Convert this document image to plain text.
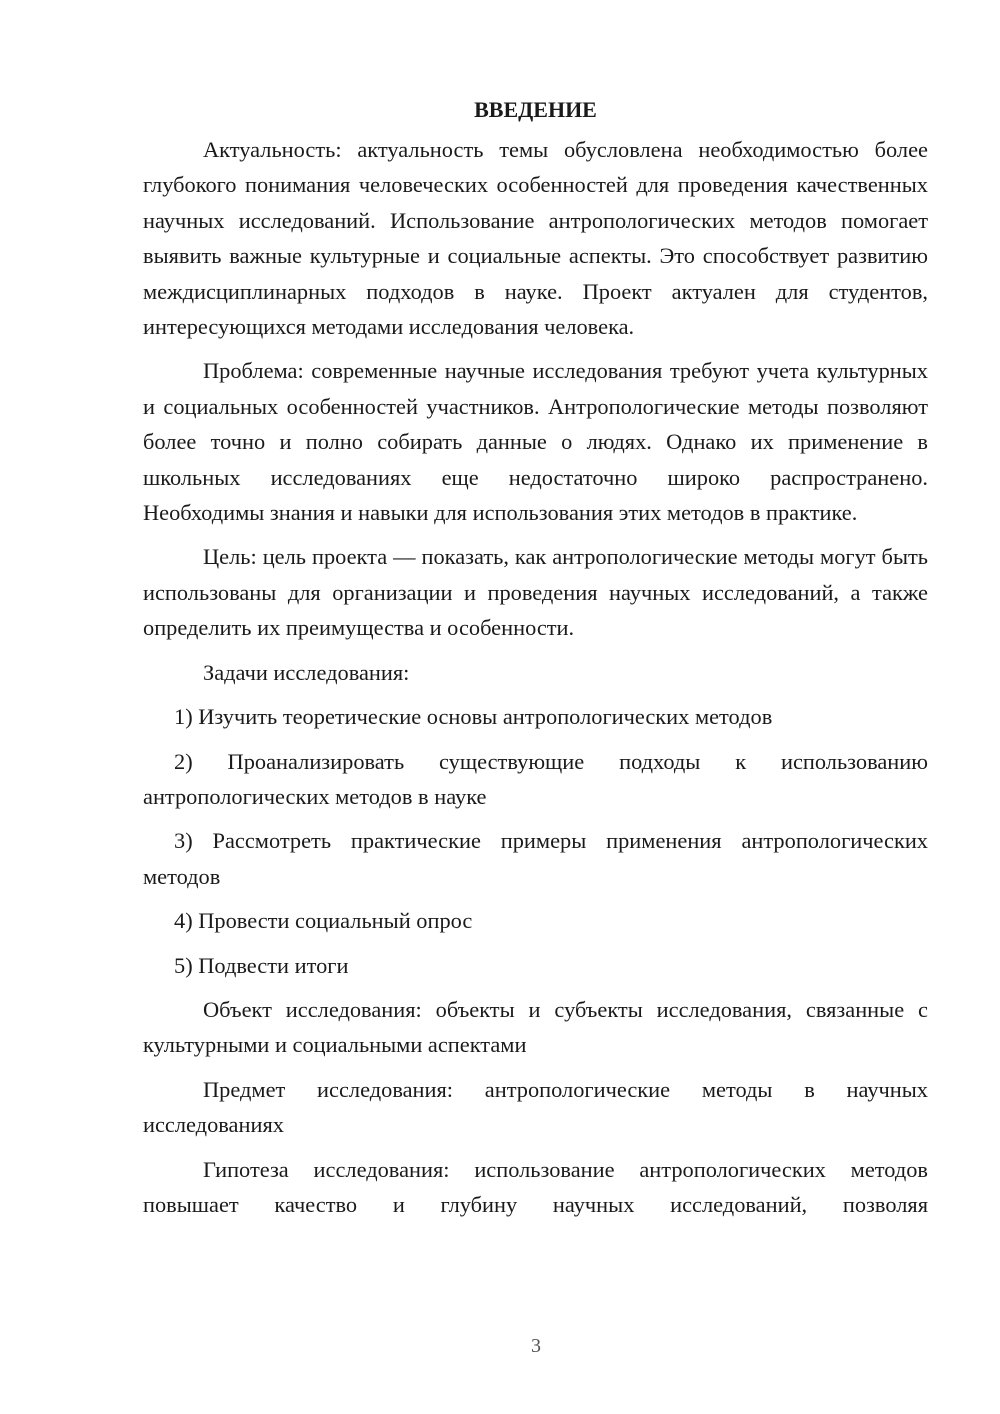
ВВЕДЕНИЕ

Актуальность: актуальность темы обусловлена необходимостью более глубокого понимания человеческих особенностей для проведения качественных научных исследований. Использование антропологических методов помогает выявить важные культурные и социальные аспекты. Это способствует развитию междисциплинарных подходов в науке. Проект актуален для студентов, интересующихся методами исследования человека.

Проблема: современные научные исследования требуют учета культурных и социальных особенностей участников. Антропологические методы позволяют более точно и полно собирать данные о людях. Однако их применение в школьных исследованиях еще недостаточно широко распространено. Необходимы знания и навыки для использования этих методов в практике.

Цель: цель проекта — показать, как антропологические методы могут быть использованы для организации и проведения научных исследований, а также определить их преимущества и особенности.

Задачи исследования:

1) Изучить теоретические основы антропологических методов

2) Проанализировать существующие подходы к использованию антропологических методов в науке

3) Рассмотреть практические примеры применения антропологических методов

4) Провести социальный опрос

5) Подвести итоги

Объект исследования: объекты и субъекты исследования, связанные с культурными и социальными аспектами

Предмет исследования: антропологические методы в научных исследованиях

Гипотеза исследования: использование антропологических методов повышает качество и глубину научных исследований, позволяя

3
